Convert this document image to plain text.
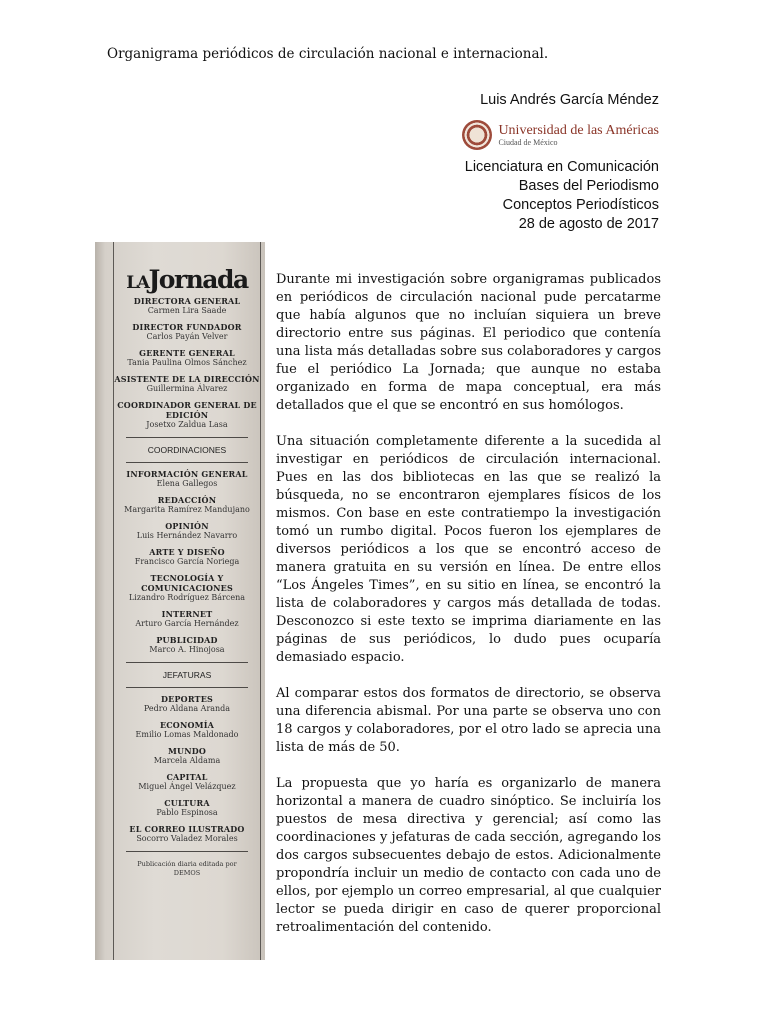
Organigrama periódicos de circulación nacional e internacional.
Luis Andrés García Méndez
Universidad de las Américas
Ciudad de México
Licenciatura en Comunicación
Bases del Periodismo
Conceptos Periodísticos
28 de agosto de 2017
LAJornada
DIRECTORA GENERAL
Carmen Lira Saade
DIRECTOR FUNDADOR
Carlos Payán Velver
GERENTE GENERAL
Tania Paulina Olmos Sánchez
ASISTENTE DE LA DIRECCIÓN
Guillermina Álvarez
COORDINADOR GENERAL DE EDICIÓN
Josetxo Zaldua Lasa
COORDINACIONES
INFORMACIÓN GENERAL
Elena Gallegos
REDACCIÓN
Margarita Ramírez Mandujano
OPINIÓN
Luis Hernández Navarro
ARTE Y DISEÑO
Francisco García Noriega
TECNOLOGÍA Y COMUNICACIONES
Lizandro Rodríguez Bárcena
INTERNET
Arturo García Hernández
PUBLICIDAD
Marco A. Hinojosa
JEFATURAS
DEPORTES
Pedro Aldana Aranda
ECONOMÍA
Emilio Lomas Maldonado
MUNDO
Marcela Aldama
CAPITAL
Miguel Ángel Velázquez
CULTURA
Pablo Espinosa
EL CORREO ILUSTRADO
Socorro Valadez Morales
Publicación diaria editada por
DEMOS

Durante mi investigación sobre organigramas publicados en periódicos de circulación nacional pude percatarme que había algunos que no incluían siquiera un breve directorio entre sus páginas. El periodico que contenía una lista más detalladas sobre sus colaboradores y cargos fue el periódico La Jornada; que aunque no estaba organizado en forma de mapa conceptual, era más detallados que el que se encontró en sus homólogos.

Una situación completamente diferente a la sucedida al investigar en periódicos de circulación internacional. Pues en las dos bibliotecas en las que se realizó la búsqueda, no se encontraron ejemplares físicos de los mismos. Con base en este contratiempo la investigación tomó un rumbo digital. Pocos fueron los ejemplares de diversos periódicos a los que se encontró acceso de manera gratuita en su versión en línea. De entre ellos “Los Ángeles Times”, en su sitio en línea, se encontró la lista de colaboradores y cargos más detallada de todas. Desconozco si este texto se imprima diariamente en las páginas de sus periódicos, lo dudo pues ocuparía demasiado espacio.

Al comparar estos dos formatos de directorio, se observa una diferencia abismal. Por una parte se observa uno con 18 cargos y colaboradores, por el otro lado se aprecia una lista de más de 50.

La propuesta que yo haría es organizarlo de manera horizontal a manera de cuadro sinóptico. Se incluiría los puestos de mesa directiva y gerencial; así como las coordinaciones y jefaturas de cada sección, agregando los dos cargos subsecuentes debajo de estos. Adicionalmente propondría incluir un medio de contacto con cada uno de ellos, por ejemplo un correo empresarial, al que cualquier lector se pueda dirigir en caso de querer proporcional retroalimentación del contenido.
